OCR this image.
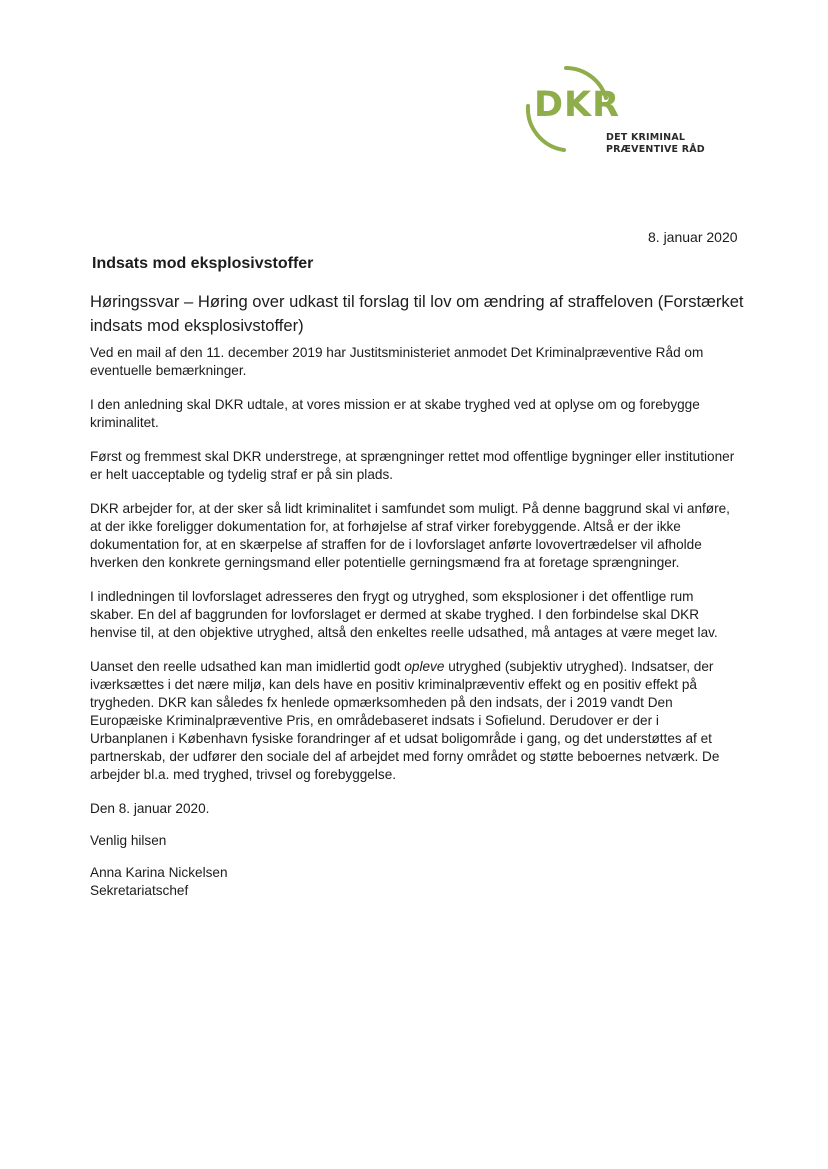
DKR
DET KRIMINAL
PRÆVENTIVE RÅD
8. januar 2020
Indsats mod eksplosivstoffer
Høringssvar – Høring over udkast til forslag til lov om ændring af straffeloven (Forstærket indsats mod eksplosivstoffer)

Ved en mail af den 11. december 2019 har Justitsministeriet anmodet Det Kriminalpræventive Råd om eventuelle bemærkninger.

I den anledning skal DKR udtale, at vores mission er at skabe tryghed ved at oplyse om og forebygge kriminalitet.

Først og fremmest skal DKR understrege, at sprængninger rettet mod offentlige bygninger eller institutioner er helt uacceptable og tydelig straf er på sin plads.

DKR arbejder for, at der sker så lidt kriminalitet i samfundet som muligt. På denne baggrund skal vi anføre, at der ikke foreligger dokumentation for, at forhøjelse af straf virker forebyggende. Altså er der ikke dokumentation for, at en skærpelse af straffen for de i lovforslaget anførte lovovertrædelser vil afholde hverken den konkrete gerningsmand eller potentielle gerningsmænd fra at foretage sprængninger.

I indledningen til lovforslaget adresseres den frygt og utryghed, som eksplosioner i det offentlige rum skaber. En del af baggrunden for lovforslaget er dermed at skabe tryghed. I den forbindelse skal DKR henvise til, at den objektive utryghed, altså den enkeltes reelle udsathed, må antages at være meget lav.

Uanset den reelle udsathed kan man imidlertid godt opleve utryghed (subjektiv utryghed). Indsatser, der iværksættes i det nære miljø, kan dels have en positiv kriminalpræventiv effekt og en positiv effekt på trygheden. DKR kan således fx henlede opmærksomheden på den indsats, der i 2019 vandt Den Europæiske Kriminalpræventive Pris, en områdebaseret indsats i Sofielund. Derudover er der i Urbanplanen i København fysiske forandringer af et udsat boligområde i gang, og det understøttes af et partnerskab, der udfører den sociale del af arbejdet med forny området og støtte beboernes netværk. De arbejder bl.a. med tryghed, trivsel og forebyggelse.

Den 8. januar 2020.

Venlig hilsen

Anna Karina Nickelsen

Sekretariatschef
